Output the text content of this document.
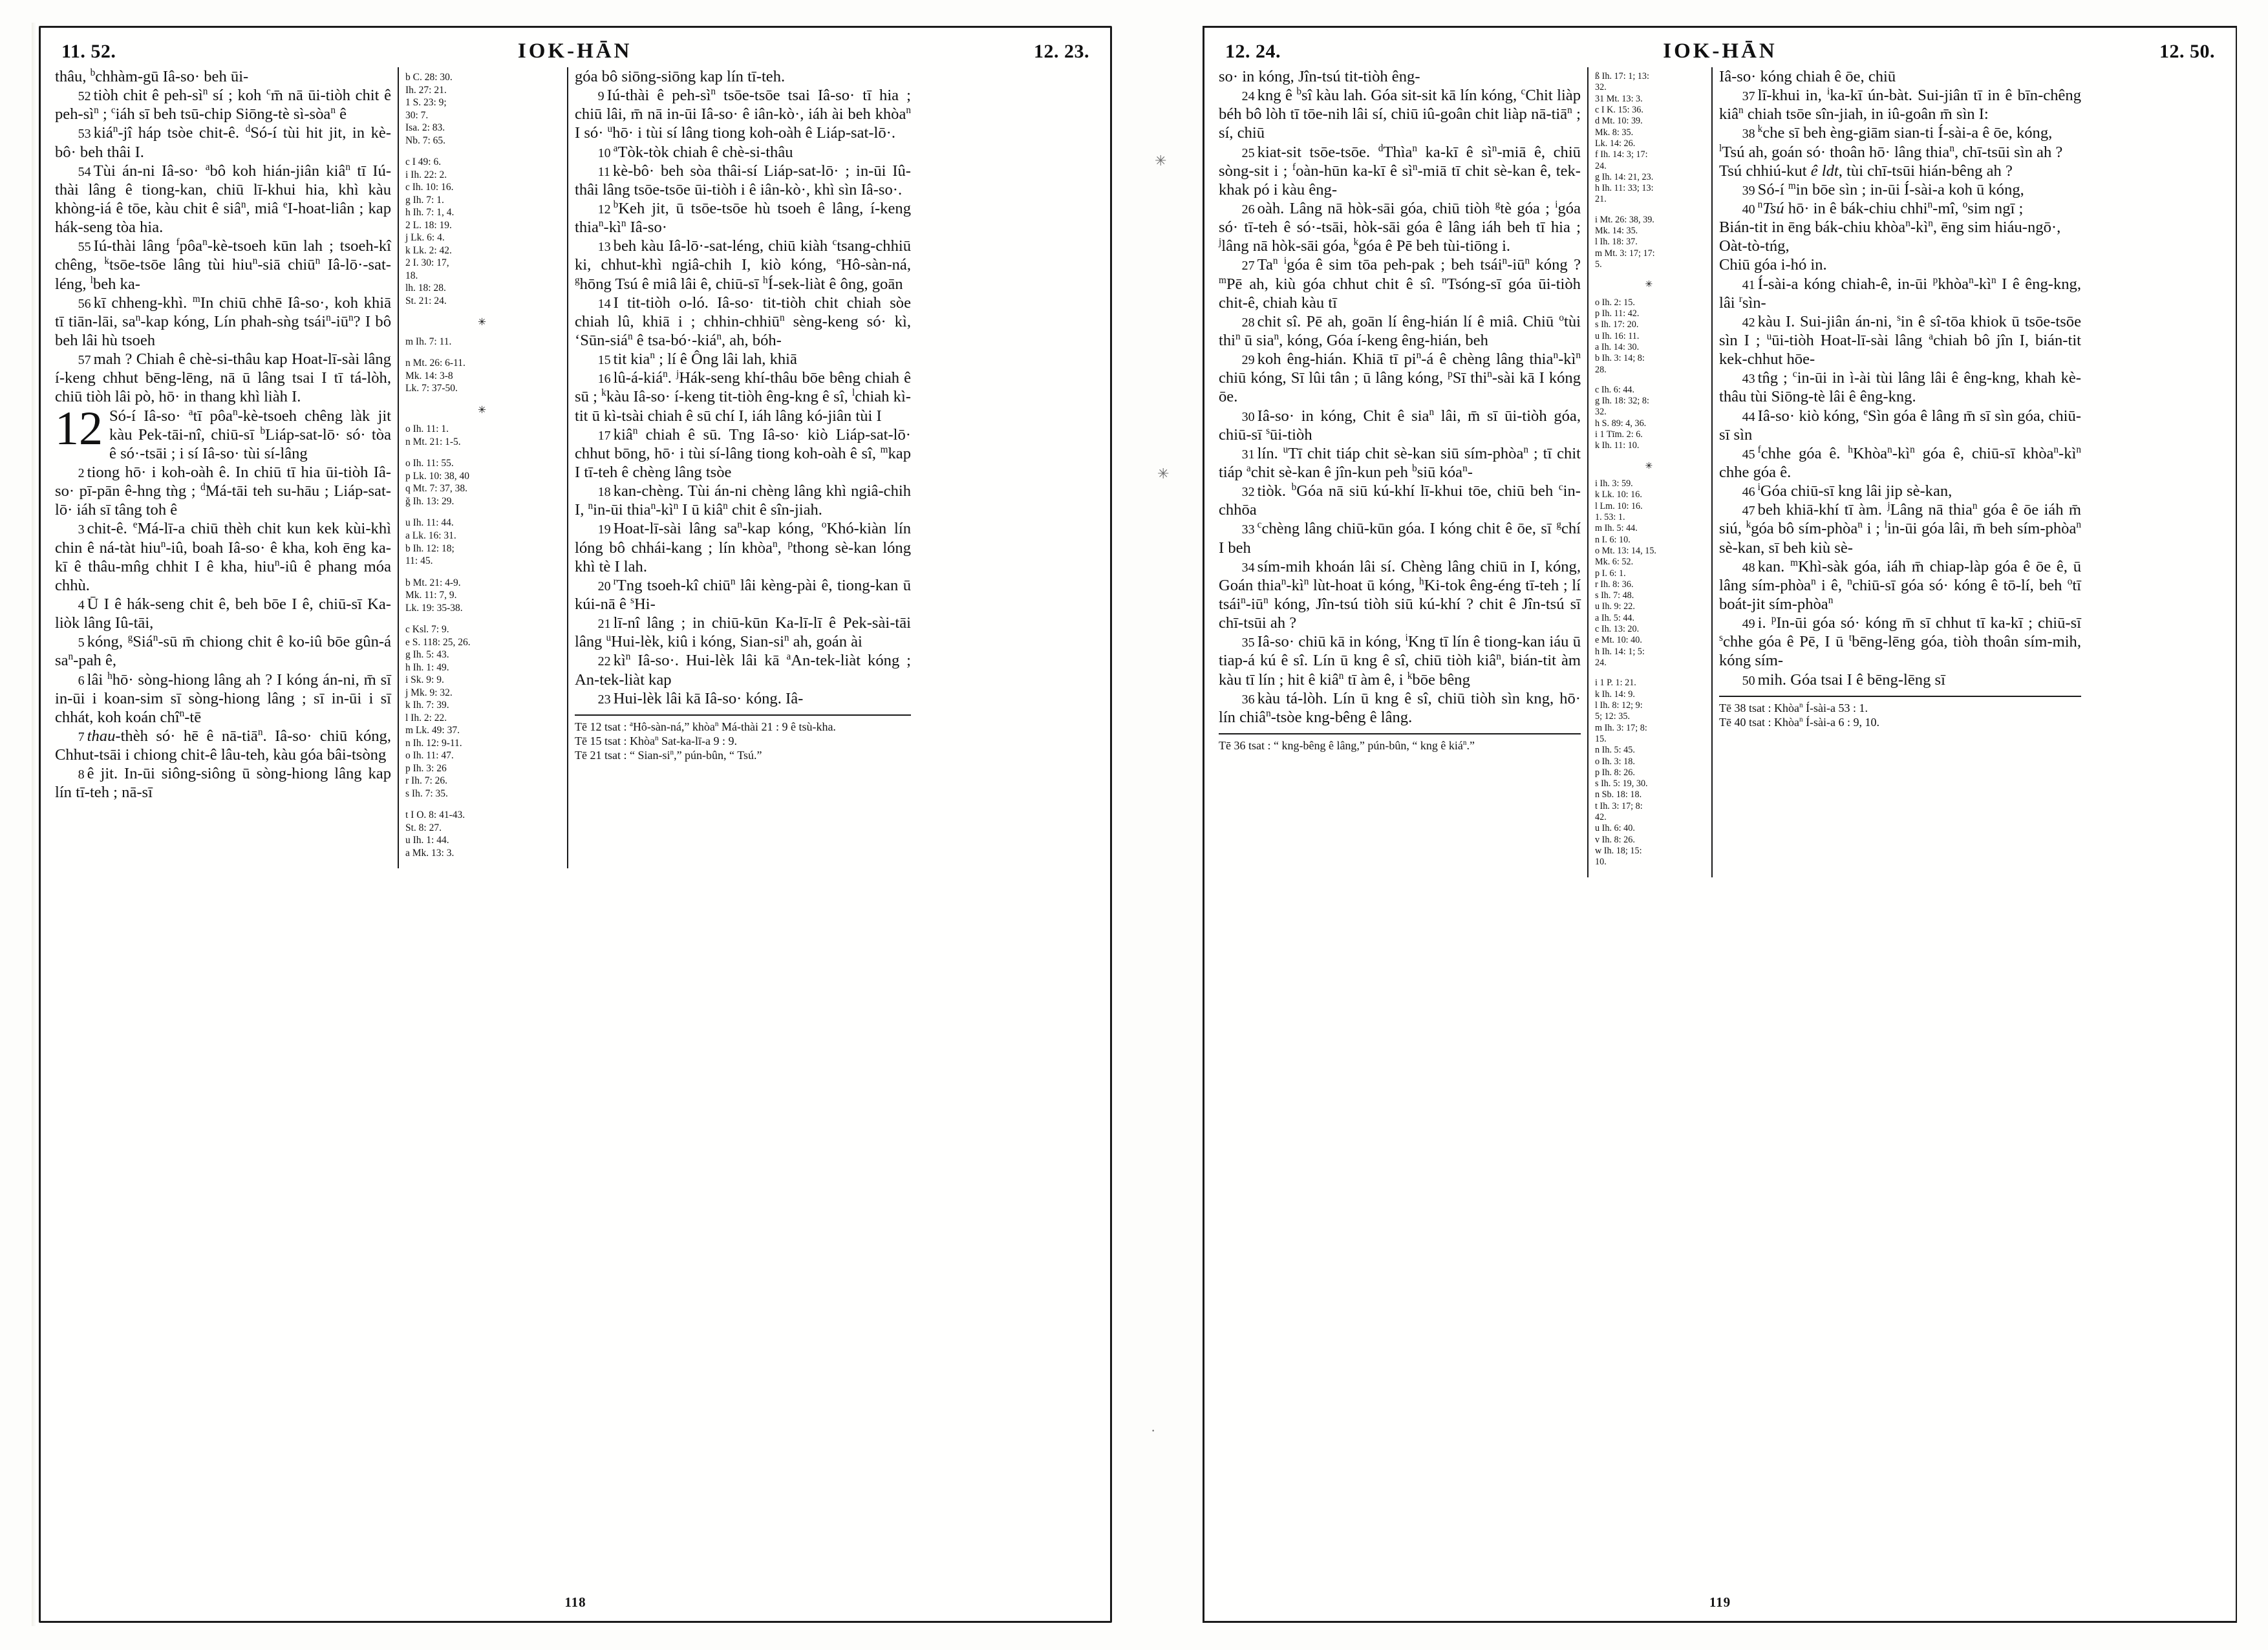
11. 52.	IOK-HĀN	12. 23.

thâu, $^b$chhàm-gū Iâ-so· beh ūi-

52 tiòh chit ê peh-$sì^n$ sí ; koh $^c$m̄ nā ūi-tiòh chit ê peh-$sì^n$ ; $^c$iáh sī beh tsū-chip Siōng-tè sì-sòa$^n$ ê

53 kiá$^n$-jî háp tsòe chit-ê. $^d$Só-í tùi hit jit, in kè-bô· beh thâi I.

54 Tùi án-ni Iâ-so· $^a$bô koh hián-jiân kiâ$^n$ tī Iú-thài lâng ê tiong-kan, chiū lī-khui hia, khì kàu khòng-iá ê tōe, kàu chit ê siâ$^n$, miâ $^e$I-hoat-liân ; kap hák-seng tòa hia.

55 Iú-thài lâng $^f$pôa$^n$-kè-tsoeh kūn lah ; tsoeh-kî chêng, $^k$tsōe-tsōe lâng tùi hiu$^n$-siā chiū$^n$ Iâ-lō·-sat-léng, $^l$beh ka-

56 kī chheng-khì. $^m$In chiū chhē Iâ-so·, koh khiā tī tiān-lāi, $sa^n$-kap kóng, Lín phah-sǹg $tsái^n-iū^n$? I bô beh lâi hù tsoeh

57 mah ? Chiah ê chè-si-thâu kap Hoat-lī-sài lâng í-keng chhut bēng-lēng, nā ū lâng tsai I tī tá-lòh, chiū tiòh lâi pò, hō· in thang khì liàh I.

12 Só-í Iâ-so· $^a$tī pôa$^n$-kè-tsoeh chêng làk jit kàu Pek-tāi-nî, chiū-sī $^b$Liáp-sat-lō· só· tòa ê só·-tsāi ; i sí Iâ-so· tùi sí-lâng

2 tiong hō· i koh-oàh ê. In chiū tī hia ūi-tiòh Iâ-so· pī-pān ê-hng tǹg ; $^d$Má-tāi teh su-hāu ; Liáp-sat-lō· iáh sī tâng toh ê

3 chit-ê. $^e$Má-lī-a chiū thèh chit kun kek kùi-khì chin ê ná-tàt hiu$^n$-iû, boah Iâ-so· ê kha, koh ēng ka-kī ê thâu-mn̂g chhit I ê kha, hiu$^n$-iû ê phang móa chhù.

4 Ū I ê hák-seng chit ê, beh bōe I ê, chiū-sī Ka-liòk lâng Iû-tāi,

5 kóng, $^g$Siá$^n$-sū m̄ chiong chit ê ko-iû bōe gûn-á $sa^n$-pah ê,

6 lâi $^h$hō· sòng-hiong lâng ah ? I kóng án-ni, m̄ sī in-ūi i koan-sim sī sòng-hiong lâng ; sī in-ūi i sī chhát, koh koán chî$^n$-tē

7 thau-thèh só· hē ê nā-tiā$^n$. Iâ-so· chiū kóng, Chhut-tsāi i chiong chit-ê lâu-teh, kàu góa bâi-tsòng

8 ê jit. In-ūi siông-siông ū sòng-hiong lâng kap lín tī-teh ; nā-sī

b C. 28: 30.
Ih. 27: 21.
1 S. 23: 9;
30: 7.
Isa. 2: 83.
Nb. 7: 65.
c I 49: 6.
i Ih. 22: 2.
c Ih. 10: 16.
g Ih. 7: 1.
h Ih. 7: 1, 4.
2 L. 18: 19.
j Lk. 6: 4.
k Lk. 2: 42.
2 I. 30: 17,
18.
lh. 18: 28.
St. 21: 24.
✳
m Ih. 7: 11.
n Mt. 26: 6-11.
Mk. 14: 3-8
Lk. 7: 37-50.
✳
o Ih. 11: 1.
n Mt. 21: 1-5.
o Ih. 11: 55.
p Lk. 10: 38, 40
q Mt. 7: 37, 38.
ǧ Ih. 13: 29.
u Ih. 11: 44.
a Lk. 16: 31.
b Ih. 12: 18;
11: 45.
b Mt. 21: 4-9.
Mk. 11: 7, 9.
Lk. 19: 35-38.
c Ksl. 7: 9.
e S. 118: 25, 26.
g Ih. 5: 43.
h Ih. 1: 49.
i Sk. 9: 9.
j Mk. 9: 32.
k Ih. 7: 39.
l Ih. 2: 22.
m Lk. 49: 37.
n Ih. 12: 9-11.
o Ih. 11: 47.
p Ih. 3: 26
r Ih. 7: 26.
s Ih. 7: 35.
t I O. 8: 41-43.
St. 8: 27.
u Ih. 1: 44.
a Mk. 13: 3.

góa bô siōng-siōng kap lín tī-teh.

9 Iú-thài ê peh-$sì^n$ tsōe-tsōe tsai Iâ-so· tī hia ; chiū lâi, m̄ nā in-ūi Iâ-so· ê iân-kò·, iáh ài beh khòa$^n$ I só· $^u$hō· i tùi sí lâng tiong koh-oàh ê Liáp-sat-lō·.

10 $^a$Tòk-tòk chiah ê chè-si-thâu

11 kè-bô· beh sòa thâi-sí Liáp-sat-lō· ; in-ūi Iû-thâi lâng tsōe-tsōe ūi-tiòh i ê iân-kò·, khì sìn Iâ-so·.

12 $^b$Keh jit, ū tsōe-tsōe hù tsoeh ê lâng, í-keng $thia^n-kì^n$ Iâ-so·

13 beh kàu Iâ-lō·-sat-léng, chiū kiàh $^c$tsang-chhiū ki, chhut-khì ngiâ-chih I, kiò kóng, $^e$Hô-sàn-ná, $^g$hōng Tsú ê miâ lâi ê, chiū-sī $^h$Í-sek-liàt ê ông, goān

14 I tit-tiòh o-ló. Iâ-so· tit-tiòh chit chiah sòe chiah lû, khiā i ; chhin-chhiū$^n$ sèng-keng só· kì, ‘Sūn-siá$^n$ ê tsa-bó·-kiá$^n$, ah, bóh-

15 tit kia$^n$ ; lí ê Ông lâi lah, khiā

16 lû-á-kiá$^n$. $^j$Hák-seng khí-thâu bōe bêng chiah ê sū ; $^k$kàu Iâ-so· í-keng tit-tiòh êng-kng ê sî, $^l$chiah kì-tit ū kì-tsài chiah ê sū chí I, iáh lâng kó-jiân tùi I

17 kiâ$^n$ chiah ê sū. Tng Iâ-so· kiò Liáp-sat-lō· chhut bōng, hō· i tùi sí-lâng tiong koh-oàh ê sî, $^m$kap I tī-teh ê chèng lâng tsòe

18 kan-chèng. Tùi án-ni chèng lâng khì ngiâ-chih I, $^n$in-ūi $thia^n-kì^n$ I ū kiâ$^n$ chit ê sîn-jiah.

19 Hoat-lī-sài lâng $sa^n$-kap kóng, $^o$Khó-kiàn lín lóng bô chhái-kang ; lín khòa$^n$, $^p$thong sè-kan lóng khì tè I lah.

20 $^r$Tng tsoeh-kî chiū$^n$ lâi kèng-pài ê, tiong-kan ū kúi-nā ê $^s$Hi-

21 lī-nî lâng ; in chiū-kūn Ka-lī-lī ê Pek-sài-tāi lâng $^u$Hui-lèk, kiû i kóng, Sian-$si^n$ ah, goán ài

22 $kì^n$ Iâ-so·. Hui-lèk lâi kā $^a$An-tek-liàt kóng ; An-tek-liàt kap

23 Hui-lèk lâi kā Iâ-so· kóng. Iâ-

Tē 12 tsat : $^a$Hô-sàn-ná,” khòa$^n$ Má-thài 21 : 9 ê tsù-kha.

Tē 15 tsat : Khòa$^n$ Sat-ka-lī-a 9 : 9.

Tē 21 tsat : “ Sian-$si^n$,” pún-bûn, “ Tsú.”

118
12. 24.	IOK-HĀN	12. 50.

so· in kóng, Jîn-tsú tit-tiòh êng-

24 kng ê $^b$sî kàu lah. Góa sit-sit kā lín kóng, $^c$Chit liàp béh bô lòh tī tōe-nih lâi sí, chiū iû-goân chit liàp nā-tiā$^n$ ; sí, chiū

25 kiat-sit tsōe-tsōe. $^d$Thìa$^n$ ka-kī ê $sì^n$-miā ê, chiū sòng-sit i ; $^f$oàn-hūn ka-kī ê $sì^n$-miā tī chit sè-kan ê, tek-khak pó i kàu êng-

26 oàh. Lâng nā hòk-sāi góa, chiū tiòh $^g$tè góa ; $^i$góa só· tī-teh ê só·-tsāi, hòk-sāi góa ê lâng iáh beh tī hia ; $^j$lâng nā hòk-sāi góa, $^k$góa ê Pē beh tùi-tiōng i.

27 Ta$^n$ $^i$góa ê sim tōa peh-pak ; beh $tsái^n-iū^n$ kóng ? $^m$Pē ah, kiù góa chhut chit ê sî. $^n$Tsóng-sī góa ūi-tiòh chit-ê, chiah kàu tī

28 chit sî. Pē ah, goān lí êng-hián lí ê miâ. Chiū $^o$tùi thi$^n$ ū sia$^n$, kóng, Góa í-keng êng-hián, beh

29 koh êng-hián. Khiā tī $pi^n-á$ ê chèng lâng $thia^n-kì^n$ chiū kóng, Sī lûi tân ; ū lâng kóng, $^p$Sī thi$^n$-sài kā I kóng ōe.

30 Iâ-so· in kóng, Chit ê sia$^n$ lâi, m̄ sī ūi-tiòh góa, chiū-sī $^s$ūi-tiòh

31 lín. $^u$Tī chit tiáp chit sè-kan siū sím-phòa$^n$ ; tī chit tiáp $^a$chit sè-kan ê jîn-kun peh $^b$siū kóa$^n$-

32 tiòk. $^b$Góa nā siū kú-khí lī-khui tōe, chiū beh $^c$in-chhōa

33 $^c$chèng lâng chiū-kūn góa. I kóng chit ê ōe, sī $^g$chí I beh

34 sím-mih khoán lâi sí. Chèng lâng chiū in I, kóng, Goán $thia^n-kì^n$ lùt-hoat ū kóng, $^h$Ki-tok êng-éng tī-teh ; lí $tsái^n-iū^n$ kóng, Jîn-tsú tiòh siū kú-khí ? chit ê Jîn-tsú sī chī-tsūi ah ?

35 Iâ-so· chiū kā in kóng, $^i$Kng tī lín ê tiong-kan iáu ū tiap-á kú ê sî. Lín ū kng ê sî, chiū tiòh kiâ$^n$, bián-tit àm kàu tī lín ; hit ê kiâ$^n$ tī àm ê, i $^k$bōe bêng

36 kàu tá-lòh. Lín ū kng ê sî, chiū tiòh sìn kng, hō· lín chiâ$^n$-tsòe kng-bêng ê lâng.

Tē 36 tsat : “ kng-bêng ê lâng,” pún-bûn, “ kng ê kiá$^n$.”

ß Ih. 17: 1; 13:
32.
31 Mt. 13: 3.
c I K. 15: 36.
d Mt. 10: 39.
Mk. 8: 35.
Lk. 14: 26.
f Ih. 14: 3; 17:
24.
g Ih. 14: 21, 23.
h Ih. 11: 33; 13:
21.
i Mt. 26: 38, 39.
Mk. 14: 35.
l Ih. 18: 37.
m Mt. 3: 17; 17:
5.
✳
o Ih. 2: 15.
p Ih. 11: 42.
s Ih. 17: 20.
u Ih. 16: 11.
a Ih. 14: 30.
b Ih. 3: 14; 8:
28.
c Ih. 6: 44.
g Ih. 18: 32; 8:
32.
h S. 89: 4, 36.
i 1 Tīm. 2: 6.
k Ih. 11: 10.
✳
i Ih. 3: 59.
k Lk. 10: 16.
l Lm. 10: 16.
1. 53: 1.
m Ih. 5: 44.
n I. 6: 10.
o Mt. 13: 14, 15.
Mk. 6: 52.
p I. 6: 1.
r Ih. 8: 36.
s Ih. 7: 48.
u Ih. 9: 22.
a Ih. 5: 44.
c Ih. 13: 20.
e Mt. 10: 40.
h Ih. 14: 1; 5:
24.
i 1 P. 1: 21.
k Ih. 14: 9.
l Ih. 8: 12; 9:
5; 12: 35.
m Ih. 3: 17; 8:
15.
n Ih. 5: 45.
o Ih. 3: 18.
p Ih. 8: 26.
s Ih. 5: 19, 30.
n Sb. 18: 18.
t Ih. 3: 17; 8:
42.
u Ih. 6: 40.
v Ih. 8: 26.
w Ih. 18; 15:
10.

Iâ-so· kóng chiah ê ōe, chiū

37 lī-khui in, $^i$ka-kī ún-bàt. Sui-jiân tī in ê bīn-chêng kiâ$^n$ chiah tsōe sîn-jiah, in iû-goân m̄ sìn I:

38 $^k$che sī beh èng-giām sian-ti Í-sài-a ê ōe, kóng,

$^l$Tsú ah, goán só· thoân hō· lâng thia$^n$, chī-tsūi sìn ah ?

Tsú chhiú-kut ê ldt, tùi chī-tsūi hián-bêng ah ?

39 Só-í $^m$in bōe sìn ; in-ūi Í-sài-a koh ū kóng,

40 $^n$Tsú hō· in ê bák-chiu chhi$^n$-mî, $^o$sim ngī ;

Bián-tit in ēng bák-chiu $khòa^n-kì^n$, ēng sim hiáu-ngō·,

Oàt-tò-tńg,

Chiū góa i-hó in.

41 Í-sài-a kóng chiah-ê, in-ūi $^pkhòa^n-kì^n$ I ê êng-kng, lâi $^r$sìn-

42 kàu I. Sui-jiân án-ni, $^s$in ê sî-tōa khiok ū tsōe-tsōe sìn I ; $^u$ūi-tiòh Hoat-lī-sài lâng $^a$chiah bô jîn I, bián-tit kek-chhut hōe-

43 tn̂g ; $^c$in-ūi in ì-ài tùi lâng lâi ê êng-kng, khah kè-thâu tùi Siōng-tè lâi ê êng-kng.

44 Iâ-so· kiò kóng, $^e$Sìn góa ê lâng m̄ sī sìn góa, chiū-sī sìn

45 $^f$chhe góa ê. $^hKhòa^n-kì^n$ góa ê, chiū-sī $khòa^n-kì^n$ chhe góa ê.

46 $^i$Góa chiū-sī kng lâi jip sè-kan,

47 beh khiā-khí tī àm. $^j$Lâng nā thia$^n$ góa ê ōe iáh m̄ siú, $^k$góa bô sím-phòa$^n$ i ; $^l$in-ūi góa lâi, m̄ beh sím-phòa$^n$ sè-kan, sī beh kiù sè-

48 kan. $^m$Khì-sàk góa, iáh m̄ chiap-làp góa ê ōe ê, ū lâng sím-phòa$^n$ i ê, $^n$chiū-sī góa só· kóng ê tō-lí, beh $^o$tī boát-jit sím-phòa$^n$

49 i. $^p$In-ūi góa só· kóng m̄ sī chhut tī ka-kī ; chiū-sī $^s$chhe góa ê Pē, I ū $^t$bēng-lēng góa, tiòh thoân sím-mih, kóng sím-

50 mih. Góa tsai I ê bēng-lēng sī

Tē 38 tsat : Khòa$^n$ Í-sài-a 53 : 1.

Tē 40 tsat : Khòa$^n$ Í-sài-a 6 : 9, 10.

119
✳
✳
·
